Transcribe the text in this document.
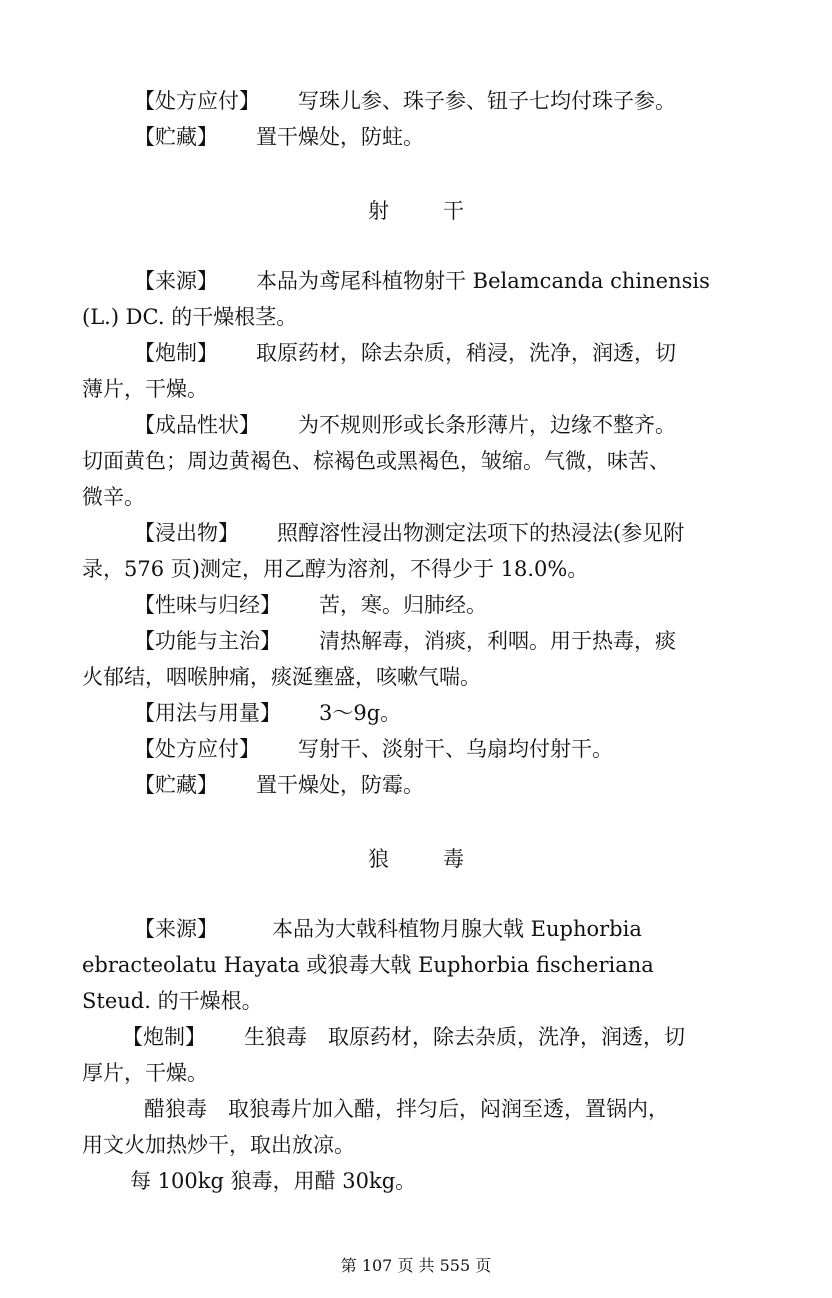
【处方应付】 写珠儿参、珠子参、钮子七均付珠子参。
【贮藏】 置干燥处，防蛀。
射	干
【来源】 本品为鸢尾科植物射干 Belamcanda chinensis
(L.) DC. 的干燥根茎。
【炮制】 取原药材，除去杂质，稍浸，洗净，润透，切
薄片，干燥。
【成品性状】 为不规则形或长条形薄片，边缘不整齐。
切面黄色；周边黄褐色、棕褐色或黑褐色，皱缩。气微，味苦、
微辛。
【浸出物】 照醇溶性浸出物测定法项下的热浸法(参见附
录，576 页)测定，用乙醇为溶剂，不得少于 18.0%。
【性味与归经】 苦，寒。归肺经。
【功能与主治】 清热解毒，消痰，利咽。用于热毒，痰
火郁结，咽喉肿痛，痰涎壅盛，咳嗽气喘。
【用法与用量】 3～9g。
【处方应付】 写射干、淡射干、乌扇均付射干。
【贮藏】 置干燥处，防霉。
狼	毒
【来源】	本品为大戟科植物月腺大戟 Euphorbia
ebracteolatu Hayata 或狼毒大戟 Euphorbia fischeriana
Steud. 的干燥根。
【炮制】 生狼毒　取原药材，除去杂质，洗净，润透，切
厚片，干燥。
醋狼毒　取狼毒片加入醋，拌匀后，闷润至透，置锅内，
用文火加热炒干，取出放凉。
每 100kg 狼毒，用醋 30kg。
第 107 页 共 555 页
